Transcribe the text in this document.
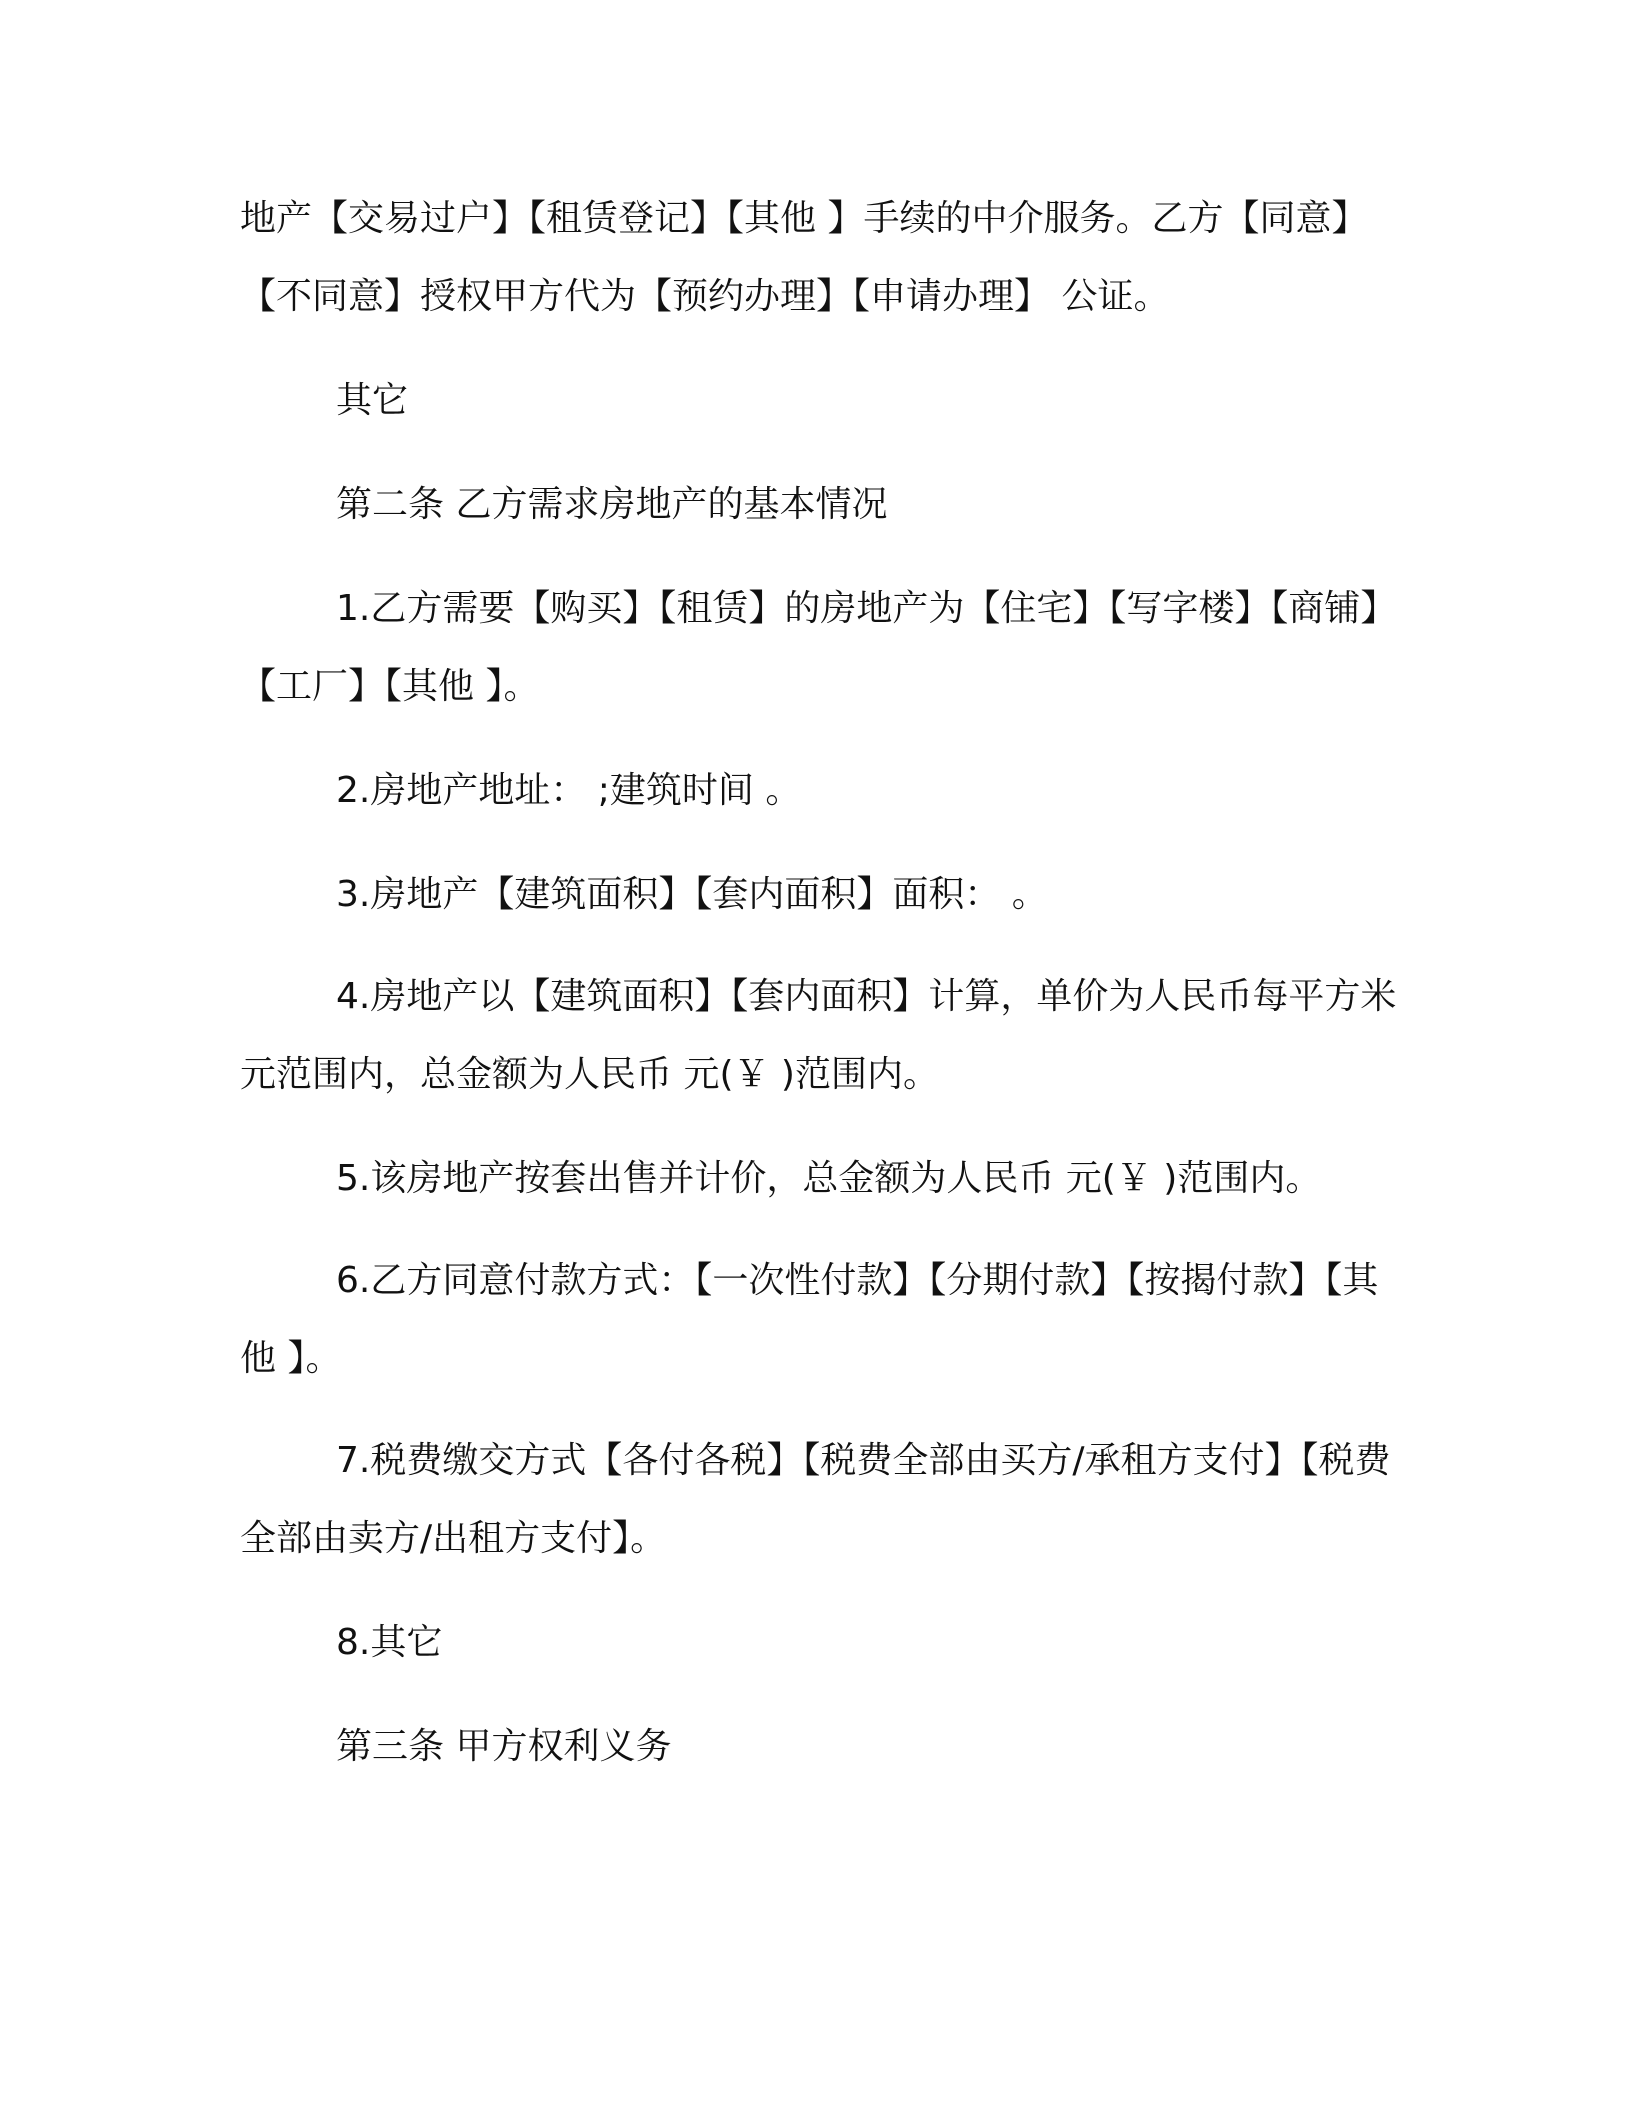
地产【交易过户】【租赁登记】【其他 】手续的中介服务。乙方【同意】【不同意】授权甲方代为【预约办理】【申请办理】 公证。

其它

第二条 乙方需求房地产的基本情况

1.乙方需要【购买】【租赁】的房地产为【住宅】【写字楼】【商铺】【工厂】【其他 】。

2.房地产地址： ;建筑时间 。

3.房地产【建筑面积】【套内面积】面积： 。

4.房地产以【建筑面积】【套内面积】计算，单价为人民币每平方米 元范围内，总金额为人民币 元(￥ )范围内。

5.该房地产按套出售并计价，总金额为人民币 元(￥ )范围内。

6.乙方同意付款方式：【一次性付款】【分期付款】【按揭付款】【其他 】。

7.税费缴交方式【各付各税】【税费全部由买方/承租方支付】【税费全部由卖方/出租方支付】。

8.其它

第三条 甲方权利义务
